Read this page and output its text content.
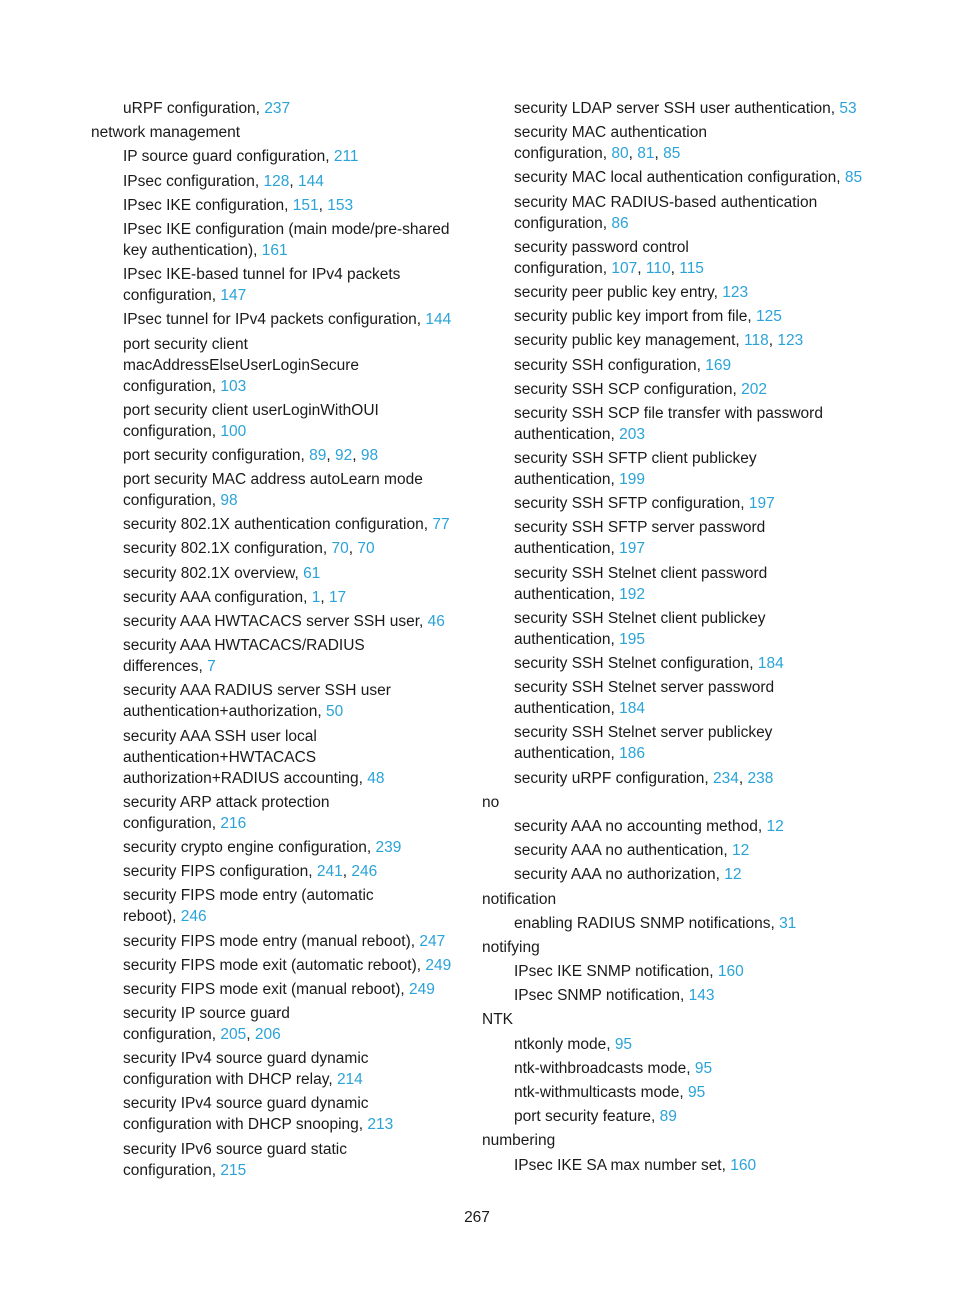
uRPF configuration, 237
network management
IP source guard configuration, 211
IPsec configuration, 128, 144
IPsec IKE configuration, 151, 153
IPsec IKE configuration (main mode/pre-shared
key authentication), 161
IPsec IKE-based tunnel for IPv4 packets
configuration, 147
IPsec tunnel for IPv4 packets configuration, 144
port security client
macAddressElseUserLoginSecure
configuration, 103
port security client userLoginWithOUI
configuration, 100
port security configuration, 89, 92, 98
port security MAC address autoLearn mode
configuration, 98
security 802.1X authentication configuration, 77
security 802.1X configuration, 70, 70
security 802.1X overview, 61
security AAA configuration, 1, 17
security AAA HWTACACS server SSH user, 46
security AAA HWTACACS/RADIUS
differences, 7
security AAA RADIUS server SSH user
authentication+authorization, 50
security AAA SSH user local
authentication+HWTACACS
authorization+RADIUS accounting, 48
security ARP attack protection
configuration, 216
security crypto engine configuration, 239
security FIPS configuration, 241, 246
security FIPS mode entry (automatic
reboot), 246
security FIPS mode entry (manual reboot), 247
security FIPS mode exit (automatic reboot), 249
security FIPS mode exit (manual reboot), 249
security IP source guard
configuration, 205, 206
security IPv4 source guard dynamic
configuration with DHCP relay, 214
security IPv4 source guard dynamic
configuration with DHCP snooping, 213
security IPv6 source guard static
configuration, 215
security LDAP server SSH user authentication, 53
security MAC authentication
configuration, 80, 81, 85
security MAC local authentication configuration, 85
security MAC RADIUS-based authentication
configuration, 86
security password control
configuration, 107, 110, 115
security peer public key entry, 123
security public key import from file, 125
security public key management, 118, 123
security SSH configuration, 169
security SSH SCP configuration, 202
security SSH SCP file transfer with password
authentication, 203
security SSH SFTP client publickey
authentication, 199
security SSH SFTP configuration, 197
security SSH SFTP server password
authentication, 197
security SSH Stelnet client password
authentication, 192
security SSH Stelnet client publickey
authentication, 195
security SSH Stelnet configuration, 184
security SSH Stelnet server password
authentication, 184
security SSH Stelnet server publickey
authentication, 186
security uRPF configuration, 234, 238
no
security AAA no accounting method, 12
security AAA no authentication, 12
security AAA no authorization, 12
notification
enabling RADIUS SNMP notifications, 31
notifying
IPsec IKE SNMP notification, 160
IPsec SNMP notification, 143
NTK
ntkonly mode, 95
ntk-withbroadcasts mode, 95
ntk-withmulticasts mode, 95
port security feature, 89
numbering
IPsec IKE SA max number set, 160
267
